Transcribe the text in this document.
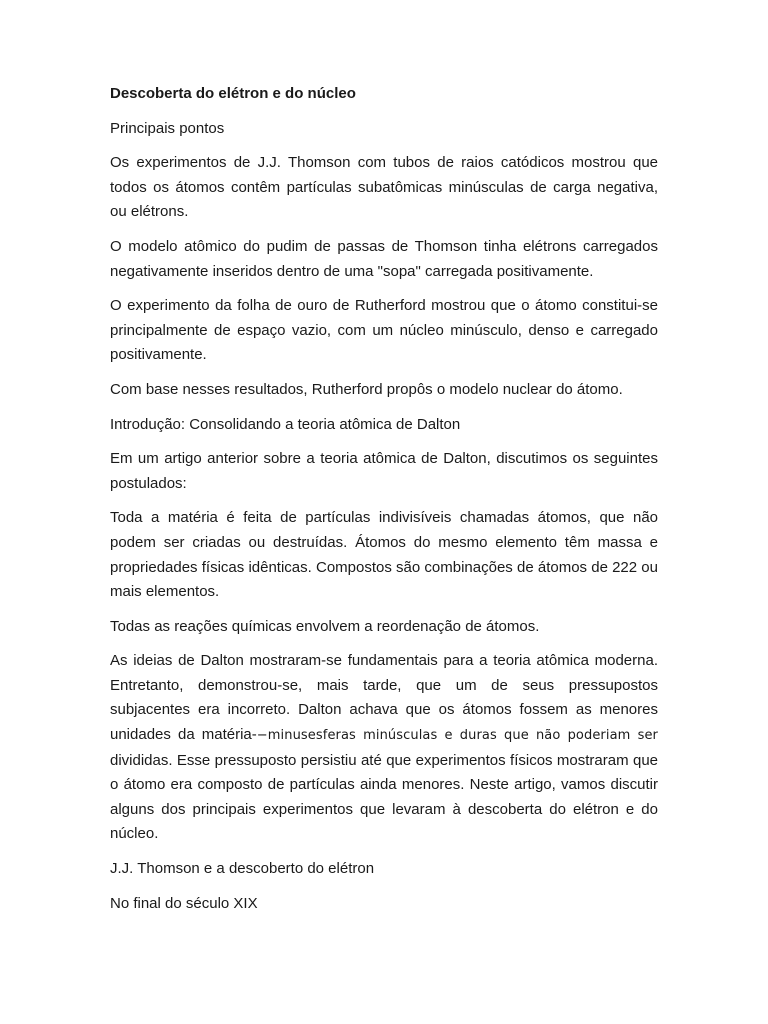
Descoberta do elétron e do núcleo

Principais pontos

Os experimentos de J.J. Thomson com tubos de raios catódicos mostrou que todos os átomos contêm partículas subatômicas minúsculas de carga negativa, ou elétrons.

O modelo atômico do pudim de passas de Thomson tinha elétrons carregados negativamente inseridos dentro de uma "sopa" carregada positivamente.

O experimento da folha de ouro de Rutherford mostrou que o átomo constitui-se principalmente de espaço vazio, com um núcleo minúsculo, denso e carregado positivamente.

Com base nesses resultados, Rutherford propôs o modelo nuclear do átomo.

Introdução: Consolidando a teoria atômica de Dalton

Em um artigo anterior sobre a teoria atômica de Dalton, discutimos os seguintes postulados:

Toda a matéria é feita de partículas indivisíveis chamadas átomos, que não podem ser criadas ou destruídas. Átomos do mesmo elemento têm massa e propriedades físicas idênticas. Compostos são combinações de átomos de 222 ou mais elementos.

Todas as reações químicas envolvem a reordenação de átomos.

As ideias de Dalton mostraram-se fundamentais para a teoria atômica moderna. Entretanto, demonstrou-se, mais tarde, que um de seus pressupostos subjacentes era incorreto. Dalton achava que os átomos fossem as menores unidades da matéria-−minusesferas minúsculas e duras que não poderiam ser divididas. Esse pressuposto persistiu até que experimentos físicos mostraram que o átomo era composto de partículas ainda menores. Neste artigo, vamos discutir alguns dos principais experimentos que levaram à descoberta do elétron e do núcleo.

J.J. Thomson e a descoberto do elétron

No final do século XIX
